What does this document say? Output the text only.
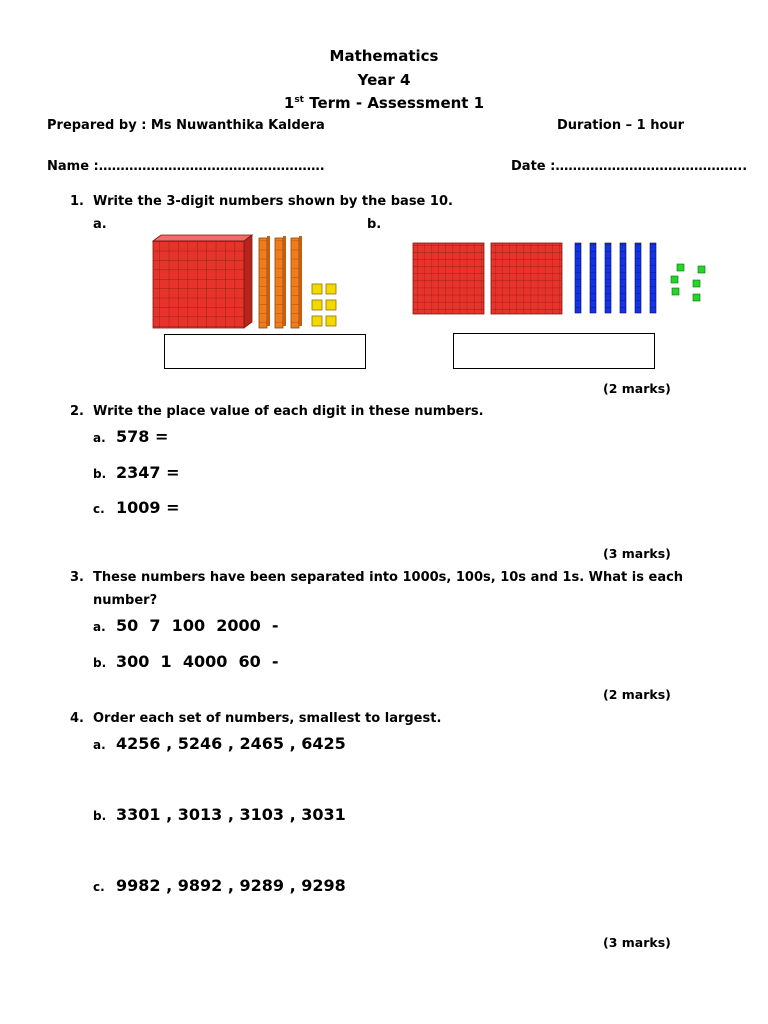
Mathematics
Year 4
1st Term - Assessment 1
Prepared by : Ms Nuwanthika Kaldera	Duration – 1 hour
Name :…………………………………………….	Date :……………………………………..
1. Write the 3-digit numbers shown by the base 10.
a.	b.
(2 marks)
2. Write the place value of each digit in these numbers.
a. 578 =
b. 2347 =
c. 1009 =
(3 marks)
3. These numbers have been separated into 1000s, 100s, 10s and 1s. What is each
number?
a. 50  7  100  2000  -
b. 300  1  4000  60  -
(2 marks)
4. Order each set of numbers, smallest to largest.
a. 4256 , 5246 , 2465 , 6425
b. 3301 , 3013 , 3103 , 3031
c. 9982 , 9892 , 9289 , 9298
(3 marks)
